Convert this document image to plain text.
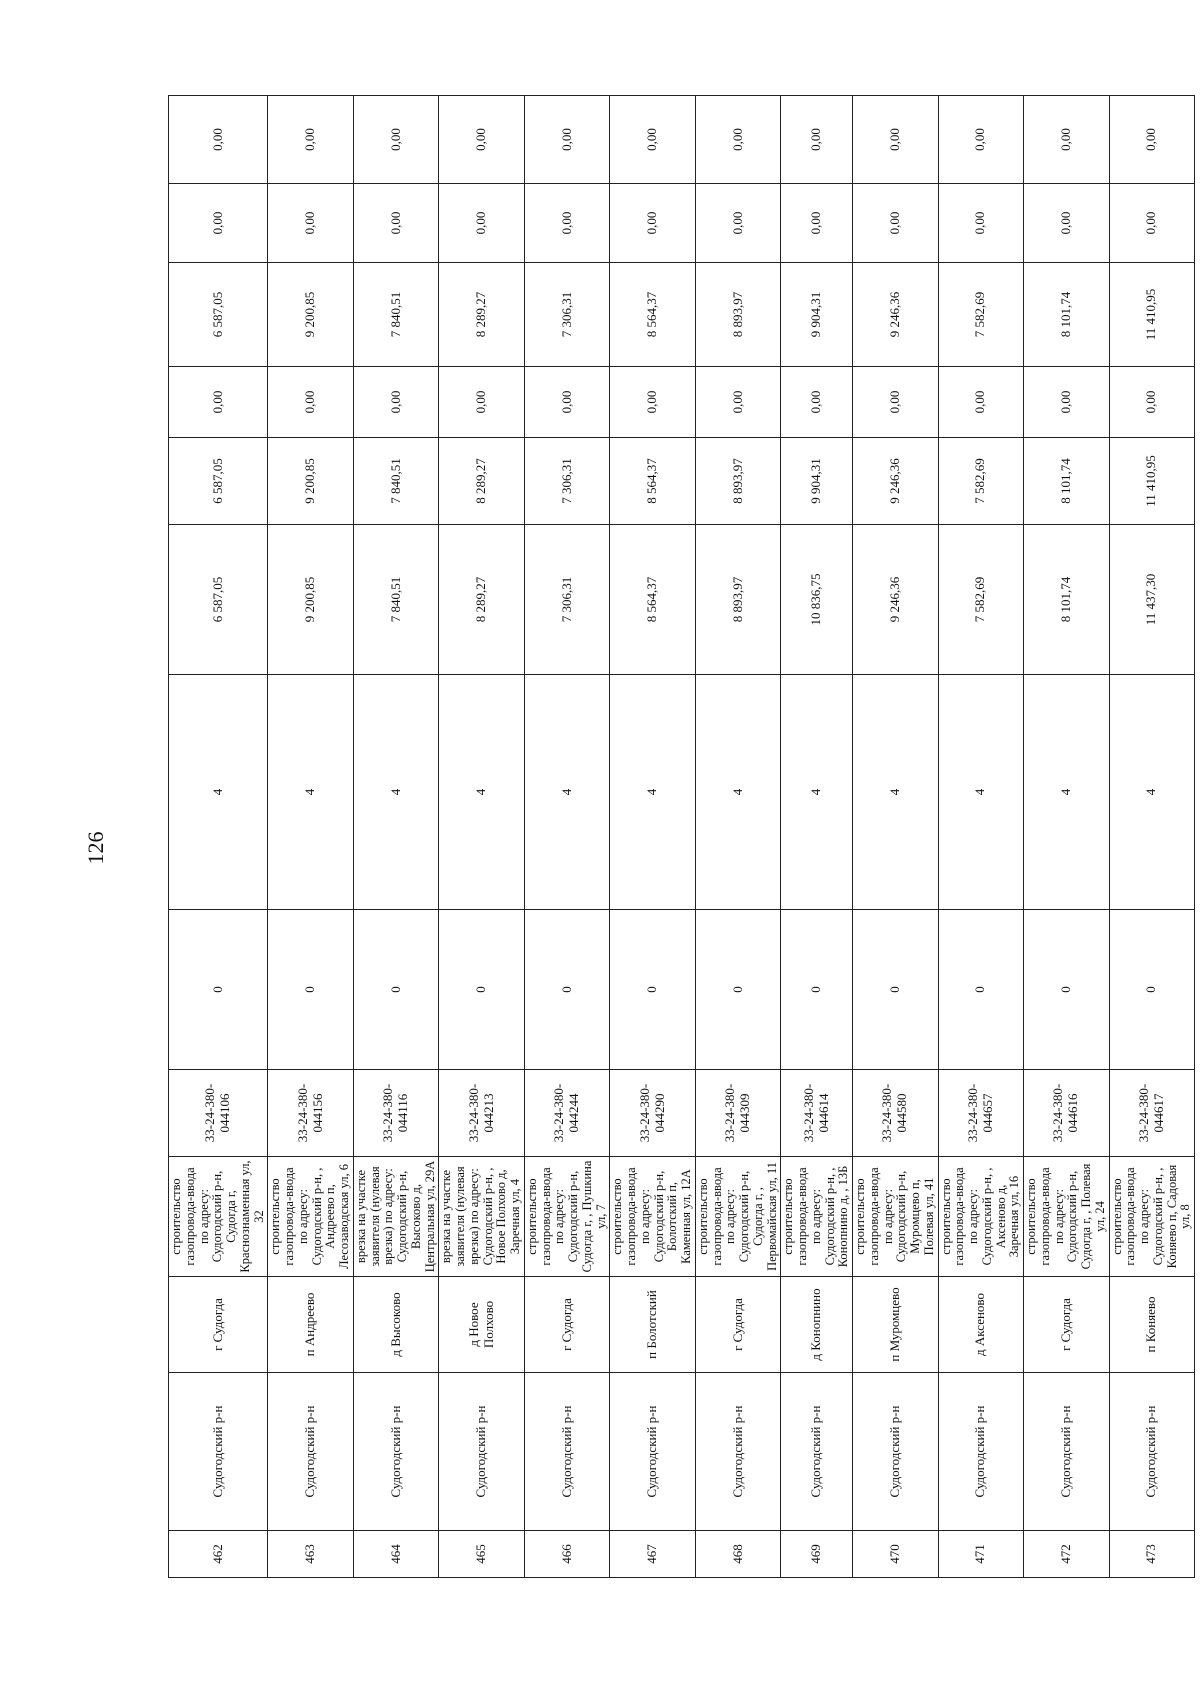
126
462	Судогодский р-н	г Судогда	строительство газопровода-ввода по адресу: Судогодский р-н, Судогда г, Краснознаменная ул, 32	33-24-380-044106	0	4	6 587,05	6 587,05	0,00	6 587,05	0,00	0,00
463	Судогодский р-н	п Андреево	строительство газопровода-ввода по адресу: Судогодский р-н, , Андреево п, Лесозаводская ул, 6	33-24-380-044156	0	4	9 200,85	9 200,85	0,00	9 200,85	0,00	0,00
464	Судогодский р-н	д Высоково	врезка на участке заявителя (нулевая врезка) по адресу: Судогодский р-н, Высоково д, Центральная ул, 29А	33-24-380-044116	0	4	7 840,51	7 840,51	0,00	7 840,51	0,00	0,00
465	Судогодский р-н	д Новое Полхово	врезка на участке заявителя (нулевая врезка) по адресу: Судогодский р-н, , Новое Полхово д, Заречная ул, 4	33-24-380-044213	0	4	8 289,27	8 289,27	0,00	8 289,27	0,00	0,00
466	Судогодский р-н	г Судогда	строительство газопровода-ввода по адресу: Судогодский р-н, Судогда г, , Пушкина ул, 7	33-24-380-044244	0	4	7 306,31	7 306,31	0,00	7 306,31	0,00	0,00
467	Судогодский р-н	п Болотский	строительство газопровода-ввода по адресу: Судогодский р-н, Болотский п, Каменная ул, 12А	33-24-380-044290	0	4	8 564,37	8 564,37	0,00	8 564,37	0,00	0,00
468	Судогодский р-н	г Судогда	строительство газопровода-ввода по адресу: Судогодский р-н, Судогда г, , Первомайская ул, 11	33-24-380-044309	0	4	8 893,97	8 893,97	0,00	8 893,97	0,00	0,00
469	Судогодский р-н	д Конопнино	строительство газопровода-ввода по адресу: Судогодский р-н, , Конопнино д, , 13Б	33-24-380-044614	0	4	10 836,75	9 904,31	0,00	9 904,31	0,00	0,00
470	Судогодский р-н	п Муромцево	строительство газопровода-ввода по адресу: Судогодский р-н, Муромцево п, Полевая ул, 41	33-24-380-044580	0	4	9 246,36	9 246,36	0,00	9 246,36	0,00	0,00
471	Судогодский р-н	д Аксеново	строительство газопровода-ввода по адресу: Судогодский р-н, , Аксеново д, Заречная ул, 16	33-24-380-044657	0	4	7 582,69	7 582,69	0,00	7 582,69	0,00	0,00
472	Судогодский р-н	г Судогда	строительство газопровода-ввода по адресу: Судогодский р-н, Судогда г, , Полевая ул, 24	33-24-380-044616	0	4	8 101,74	8 101,74	0,00	8 101,74	0,00	0,00
473	Судогодский р-н	п Коняево	строительство газопровода-ввода по адресу: Судогодский р-н, , Коняево п, Садовая ул, 8	33-24-380-044617	0	4	11 437,30	11 410,95	0,00	11 410,95	0,00	0,00
